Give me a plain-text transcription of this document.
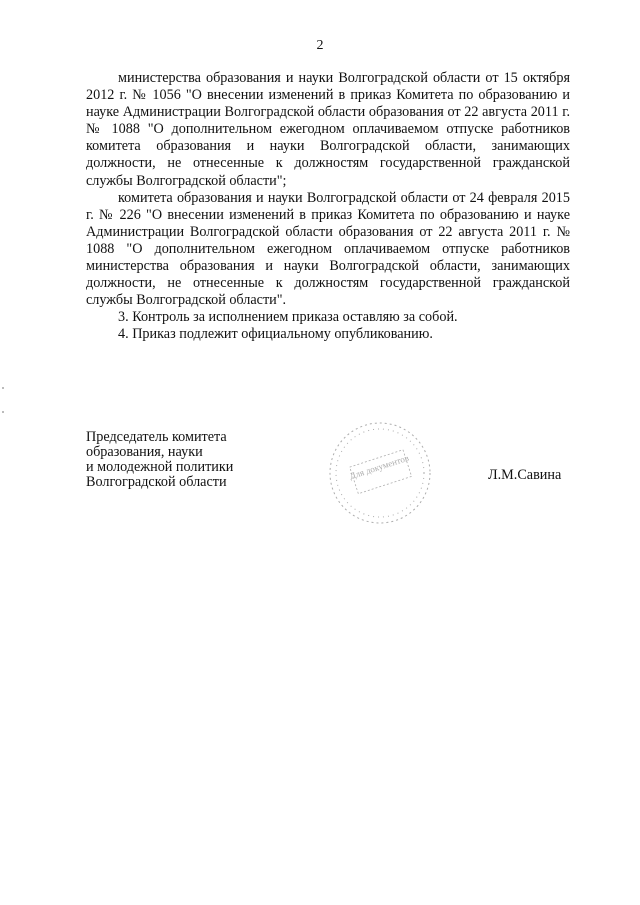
2

министерства образования и науки Волгоградской области от 15 октября 2012 г. № 1056 "О внесении изменений в приказ Комитета по образованию и науке Администрации Волгоградской области образования от 22 августа 2011 г. № 1088 "О дополнительном ежегодном оплачиваемом отпуске работников комитета образования и науки Волгоградской области, занимающих должности, не отнесенные к должностям государственной гражданской службы Волгоградской области";

комитета образования и науки Волгоградской области от 24 февраля 2015 г. № 226 "О внесении изменений в приказ Комитета по образованию и науке Администрации Волгоградской области образования от 22 августа 2011 г. № 1088 "О дополнительном ежегодном оплачиваемом отпуске работников министерства образования и науки Волгоградской области, занимающих должности, не отнесенные к должностям государственной гражданской службы Волгоградской области".

3. Контроль за исполнением приказа оставляю за собой.

4. Приказ подлежит официальному опубликованию.

Председатель комитета
образования, науки
и молодежной политики
Волгоградской области
Для документов	Л.М.Савина
